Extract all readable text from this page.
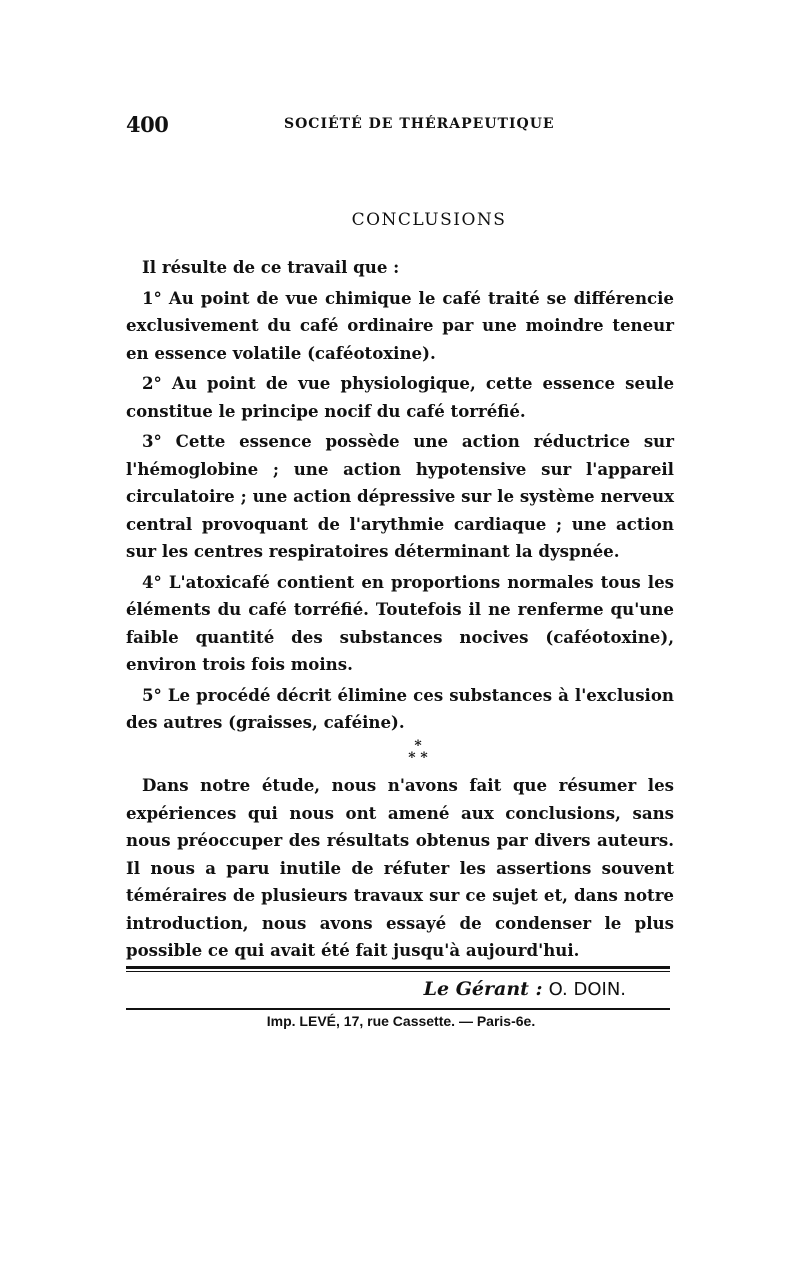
400	SOCIÉTÉ DE THÉRAPEUTIQUE
CONCLUSIONS

Il résulte de ce travail que :

1° Au point de vue chimique le café traité se différencie exclusivement du café ordinaire par une moindre teneur en essence volatile (caféotoxine).

2° Au point de vue physiologique, cette essence seule constitue le principe nocif du café torréfié.

3° Cette essence possède une action réductrice sur l'hémoglobine ; une action hypotensive sur l'appareil circulatoire ; une action dépressive sur le système nerveux central provoquant de l'arythmie cardiaque ; une action sur les centres respiratoires déterminant la dyspnée.

4° L'atoxicafé contient en proportions normales tous les éléments du café torréfié. Toutefois il ne renferme qu'une faible quantité des substances nocives (caféotoxine), environ trois fois moins.

5° Le procédé décrit élimine ces substances à l'exclusion des autres (graisses, caféine).

*
* *

Dans notre étude, nous n'avons fait que résumer les expériences qui nous ont amené aux conclusions, sans nous préoccuper des résultats obtenus par divers auteurs. Il nous a paru inutile de réfuter les assertions souvent téméraires de plusieurs travaux sur ce sujet et, dans notre introduction, nous avons essayé de condenser le plus possible ce qui avait été fait jusqu'à aujourd'hui.

Le Gérant : O. DOIN.
Imp. LEVÉ, 17, rue Cassette. — Paris-6e.
